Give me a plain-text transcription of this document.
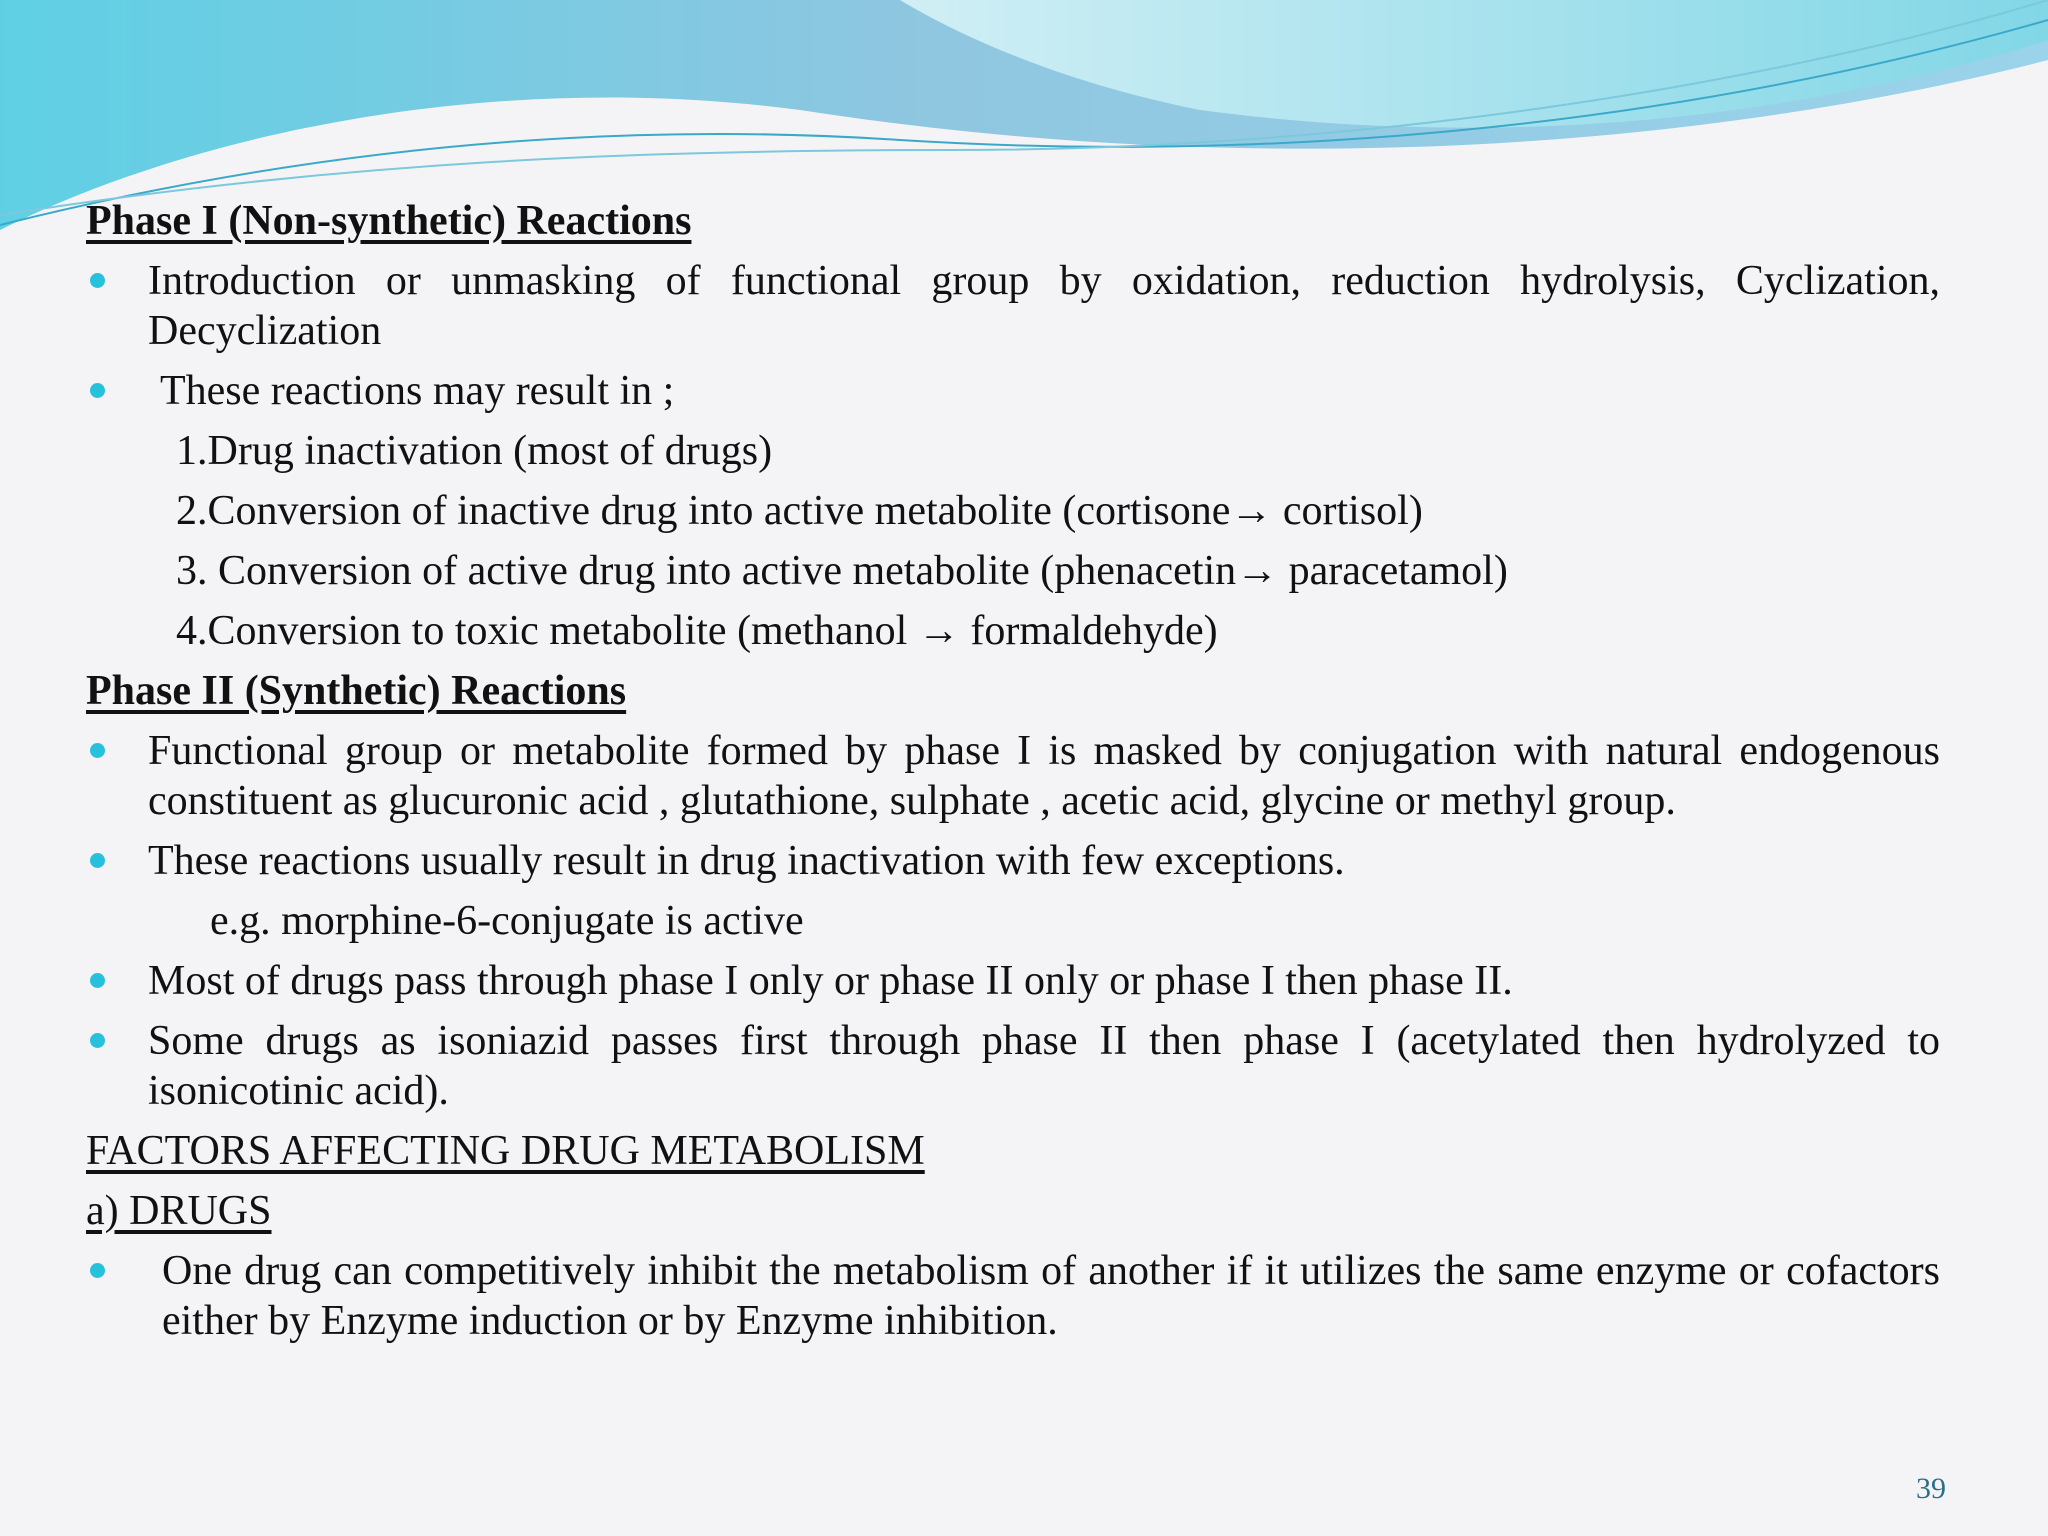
Phase I (Non-synthetic) Reactions
Introduction or unmasking of functional group by oxidation, reduction hydrolysis, Cyclization, Decyclization
These reactions may result in ;
1.Drug inactivation (most of drugs)
2.Conversion of inactive drug into active metabolite (cortisone→ cortisol)
3. Conversion of active drug into active metabolite (phenacetin→ paracetamol)
4.Conversion to toxic metabolite (methanol → formaldehyde)
Phase II (Synthetic) Reactions
Functional group or metabolite formed by phase I is masked by conjugation with natural endogenous constituent as glucuronic acid , glutathione, sulphate , acetic acid, glycine or methyl group.
These reactions usually result in drug inactivation with few exceptions.
e.g. morphine-6-conjugate is active
Most of drugs pass through phase I only or phase II only or phase I then phase II.
Some drugs as isoniazid passes first through phase II then phase I (acetylated then hydrolyzed to isonicotinic acid).
FACTORS AFFECTING DRUG METABOLISM
a) DRUGS
One drug can competitively inhibit the metabolism of another if it utilizes the same enzyme or cofactors either by Enzyme induction or by Enzyme inhibition.
39
